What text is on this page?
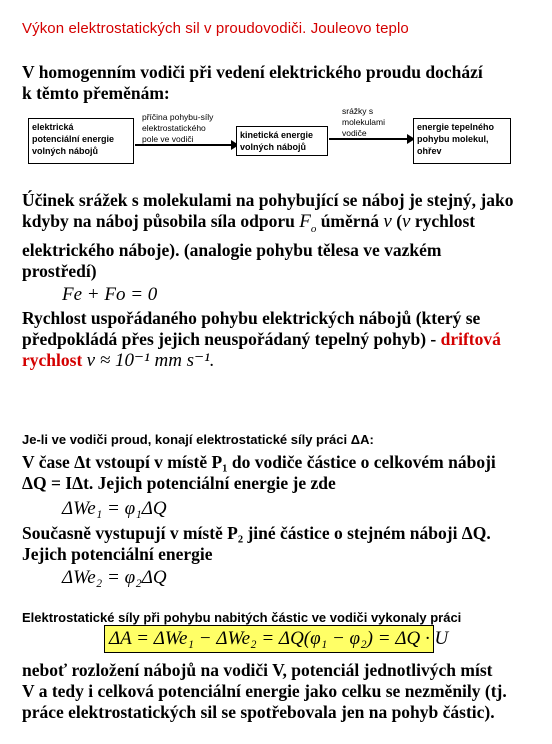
Výkon elektrostatických sil v proudovodiči. Jouleovo teplo
V homogenním vodiči při vedení elektrického proudu dochází
k těmto přeměnám:
elektrická
potenciální energie
volných nábojů
příčina pohybu-síly
elektrostatického
pole ve vodiči	kinetická energie
volných nábojů
srážky s
molekulami
vodiče
energie tepelného
pohybu molekul,
ohřev
Účinek srážek s molekulami na pohybující se náboj je stejný, jako
kdyby na náboj působila síla odporu $F_o$ úměrná v (v rychlost
elektrického náboje). (analogie pohybu tělesa ve vazkém
prostředí)
Fe + Fo = 0
Rychlost uspořádaného pohybu elektrických nábojů (který se
předpokládá přes jejich neuspořádaný tepelný pohyb) - driftová
rychlost v ≈ 10⁻¹ mm s⁻¹.
Je-li ve vodiči proud, konají elektrostatické síly práci ΔA:
V čase Δt vstoupí v místě P₁ do vodiče částice o celkovém náboji
ΔQ = IΔt. Jejich potenciální energie je zde
ΔWe₁ = φ₁ΔQ
Současně vystupují v místě P₂ jiné částice o stejném náboji ΔQ.
Jejich potenciální energie
ΔWe₂ = φ₂ΔQ
Elektrostatické síly při pohybu nabitých částic ve vodiči vykonaly práci
ΔA = ΔWe₁ − ΔWe₂ = ΔQ(φ₁ − φ₂) = ΔQ · U
neboť rozložení nábojů na vodiči V, potenciál jednotlivých míst
V a tedy i celková potenciální energie jako celku se nezměnily (tj.
práce elektrostatických sil se spotřebovala jen na pohyb částic).
